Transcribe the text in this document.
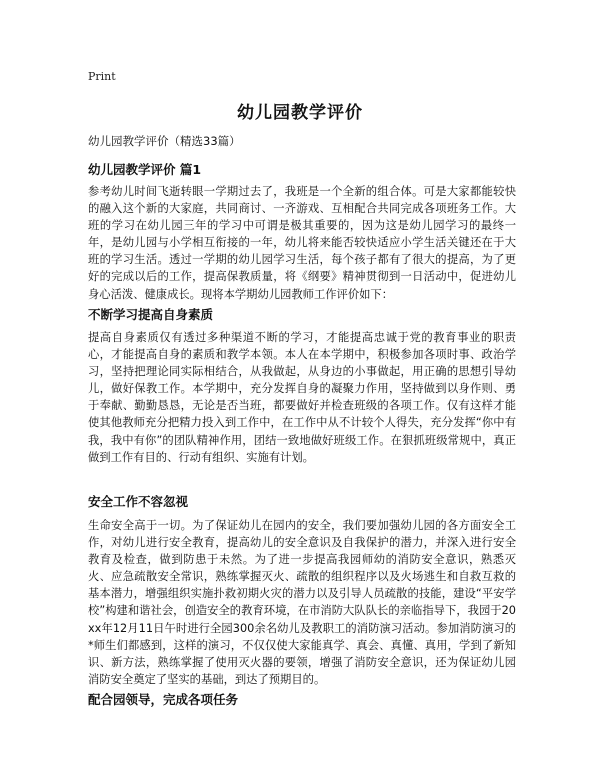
Print
幼儿园教学评价
幼儿园教学评价（精选33篇）
幼儿园教学评价 篇1
参考幼儿时间飞逝转眼一学期过去了，我班是一个全新的组合体。可是大家都能较快的融入这个新的大家庭，共同商讨、一齐游戏、互相配合共同完成各项班务工作。大班的学习在幼儿园三年的学习中可谓是极其重要的，因为这是幼儿园学习的最终一年，是幼儿园与小学相互衔接的一年，幼儿将来能否较快适应小学生活关键还在于大班的学习生活。透过一学期的幼儿园学习生活，每个孩子都有了很大的提高，为了更好的完成以后的工作，提高保教质量，将《纲要》精神贯彻到一日活动中，促进幼儿身心活泼、健康成长。现将本学期幼儿园教师工作评价如下：
不断学习提高自身素质
提高自身素质仅有透过多种渠道不断的学习，才能提高忠诚于党的教育事业的职责心，才能提高自身的素质和教学本领。本人在本学期中，积极参加各项时事、政治学习，坚持把理论同实际相结合，从我做起，从身边的小事做起，用正确的思想引导幼儿，做好保教工作。本学期中，充分发挥自身的凝聚力作用，坚持做到以身作则、勇于奉献、勤勤恳恳，无论是否当班，都要做好并检查班级的各项工作。仅有这样才能使其他教师充分把精力投入到工作中，在工作中从不计较个人得失，充分发挥“你中有我，我中有你”的团队精神作用，团结一致地做好班级工作。在狠抓班级常规中，真正做到工作有目的、行动有组织、实施有计划。
安全工作不容忽视
生命安全高于一切。为了保证幼儿在园内的安全，我们要加强幼儿园的各方面安全工作，对幼儿进行安全教育，提高幼儿的安全意识及自我保护的潜力，并深入进行安全教育及检查，做到防患于未然。为了进一步提高我园师幼的消防安全意识，熟悉灭火、应急疏散安全常识，熟练掌握灭火、疏散的组织程序以及火场逃生和自救互救的基本潜力，增强组织实施扑救初期火灾的潜力以及引导人员疏散的技能，建设“平安学校”构建和谐社会，创造安全的教育环境，在市消防大队队长的亲临指导下，我园于20xx年12月11日午时进行全园300余名幼儿及教职工的消防演习活动。参加消防演习的*师生们都感到，这样的演习，不仅仅使大家能真学、真会、真懂、真用，学到了新知识、新方法，熟练掌握了使用灭火器的要领，增强了消防安全意识，还为保证幼儿园消防安全奠定了坚实的基础，到达了预期目的。
配合园领导，完成各项任务
